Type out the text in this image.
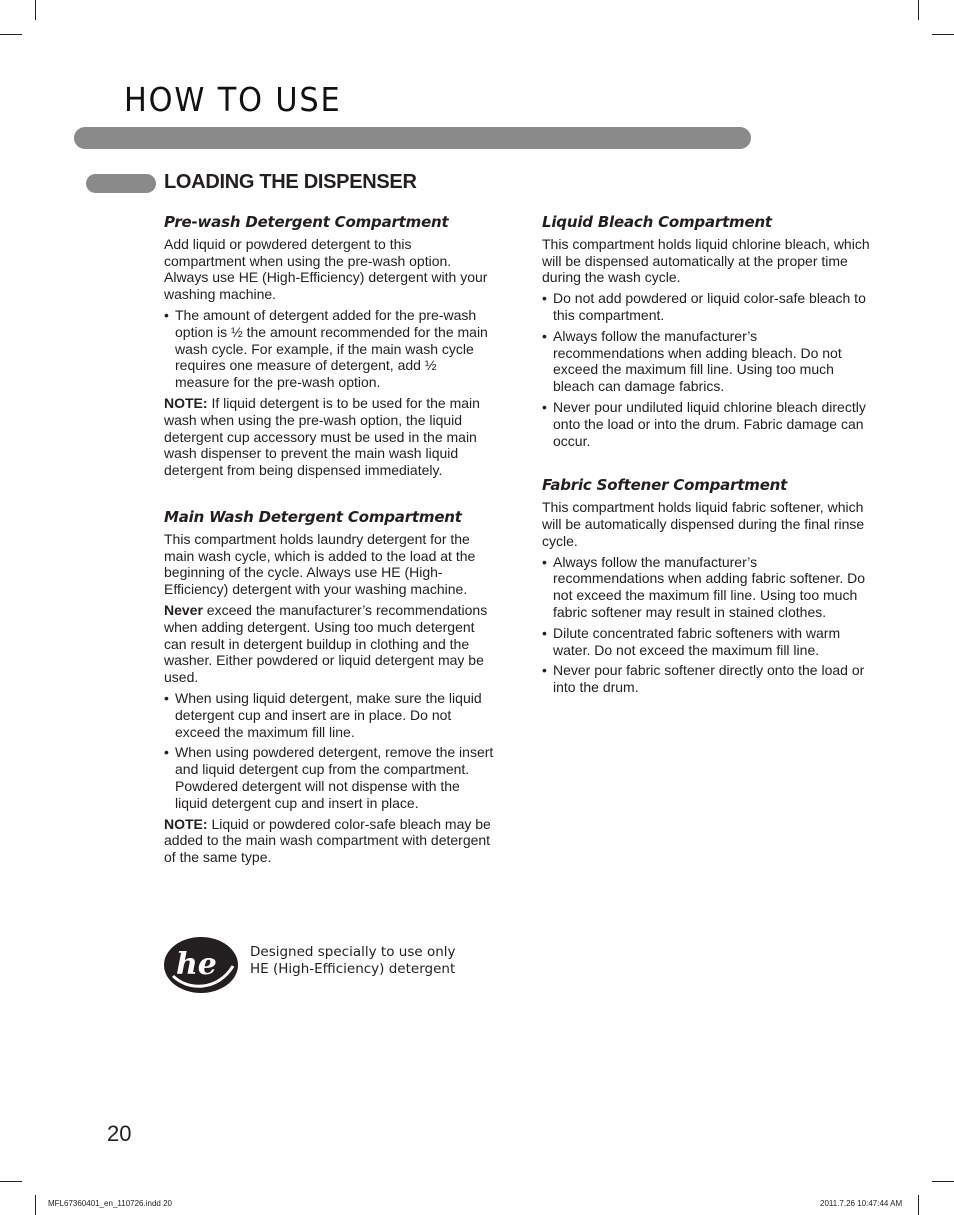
HOW TO USE
LOADING THE DISPENSER
Pre-wash Detergent Compartment

Add liquid or powdered detergent to this compartment when using the pre-wash option. Always use HE (High-Efficiency) detergent with your washing machine.

• The amount of detergent added for the pre-wash option is ½ the amount recommended for the main wash cycle. For example, if the main wash cycle requires one measure of detergent, add ½ measure for the pre-wash option.

NOTE: If liquid detergent is to be used for the main wash when using the pre-wash option, the liquid detergent cup accessory must be used in the main wash dispenser to prevent the main wash liquid detergent from being dispensed immediately.

Main Wash Detergent Compartment

This compartment holds laundry detergent for the main wash cycle, which is added to the load at the beginning of the cycle. Always use HE (High-Efficiency) detergent with your washing machine.

Never exceed the manufacturer’s recommendations when adding detergent. Using too much detergent can result in detergent buildup in clothing and the washer. Either powdered or liquid detergent may be used.

• When using liquid detergent, make sure the liquid detergent cup and insert are in place. Do not exceed the maximum fill line.
• When using powdered detergent, remove the insert and liquid detergent cup from the compartment. Powdered detergent will not dispense with the liquid detergent cup and insert in place.

NOTE: Liquid or powdered color-safe bleach may be added to the main wash compartment with detergent of the same type.

he Designed specially to use only
HE (High-Efficiency) detergent
Liquid Bleach Compartment

This compartment holds liquid chlorine bleach, which will be dispensed automatically at the proper time during the wash cycle.

• Do not add powdered or liquid color-safe bleach to this compartment.
• Always follow the manufacturer’s recommendations when adding bleach. Do not exceed the maximum fill line. Using too much bleach can damage fabrics.
• Never pour undiluted liquid chlorine bleach directly onto the load or into the drum. Fabric damage can occur.
Fabric Softener Compartment

This compartment holds liquid fabric softener, which will be automatically dispensed during the final rinse cycle.

• Always follow the manufacturer’s recommendations when adding fabric softener. Do not exceed the maximum fill line. Using too much fabric softener may result in stained clothes.
• Dilute concentrated fabric softeners with warm water. Do not exceed the maximum fill line.
• Never pour fabric softener directly onto the load or into the drum.
20
MFL67360401_en_110726.indd 20	2011.7.26 10:47:44 AM
